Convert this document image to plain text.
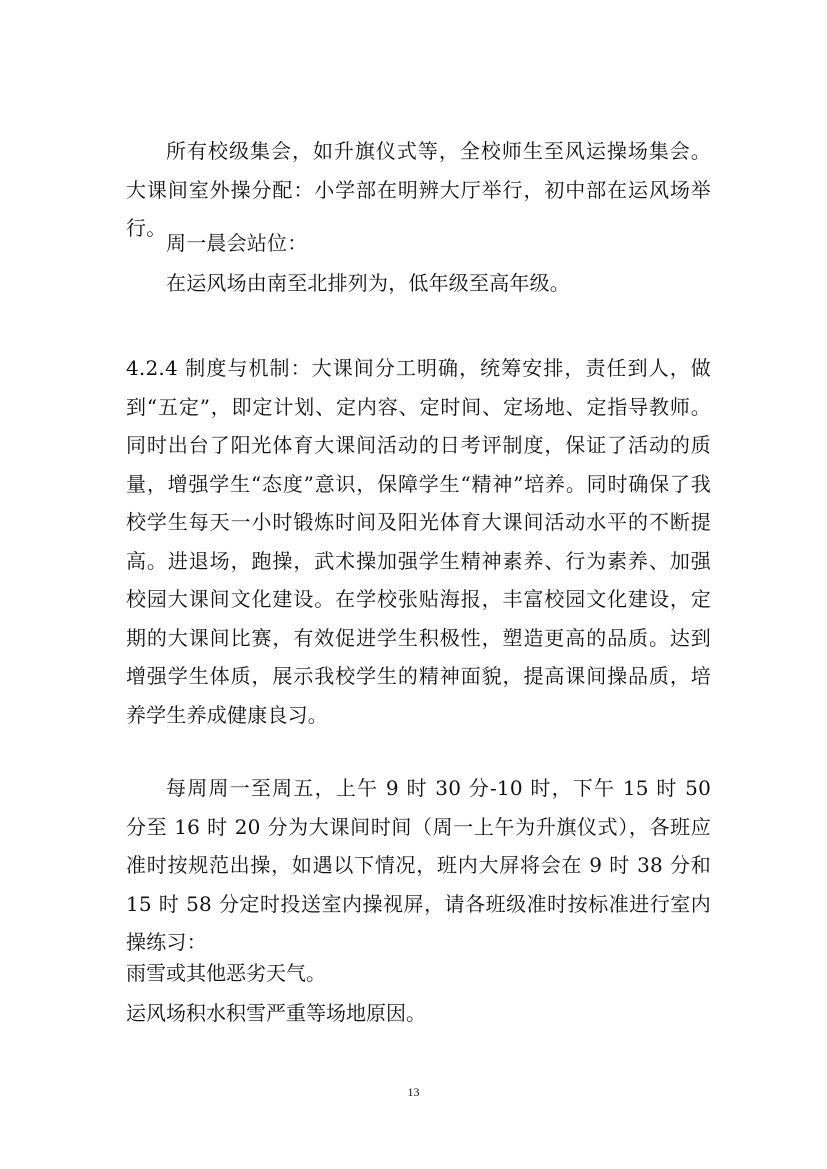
所有校级集会，如升旗仪式等，全校师生至风运操场集会。大课间室外操分配：小学部在明辨大厅举行，初中部在运风场举行。

周一晨会站位：

在运风场由南至北排列为，低年级至高年级。

4.2.4 制度与机制：大课间分工明确，统筹安排，责任到人，做到“五定”，即定计划、定内容、定时间、定场地、定指导教师。同时出台了阳光体育大课间活动的日考评制度，保证了活动的质量，增强学生“态度”意识，保障学生“精神”培养。同时确保了我校学生每天一小时锻炼时间及阳光体育大课间活动水平的不断提高。进退场，跑操，武术操加强学生精神素养、行为素养、加强校园大课间文化建设。在学校张贴海报，丰富校园文化建设，定期的大课间比赛，有效促进学生积极性，塑造更高的品质。达到增强学生体质，展示我校学生的精神面貌，提高课间操品质，培养学生养成健康良习。

每周周一至周五，上午 9 时 30 分-10 时，下午 15 时 50 分至 16 时 20 分为大课间时间（周一上午为升旗仪式），各班应准时按规范出操，如遇以下情况，班内大屏将会在 9 时 38 分和 15 时 58 分定时投送室内操视屏，请各班级准时按标准进行室内操练习：

雨雪或其他恶劣天气。

运风场积水积雪严重等场地原因。

13
